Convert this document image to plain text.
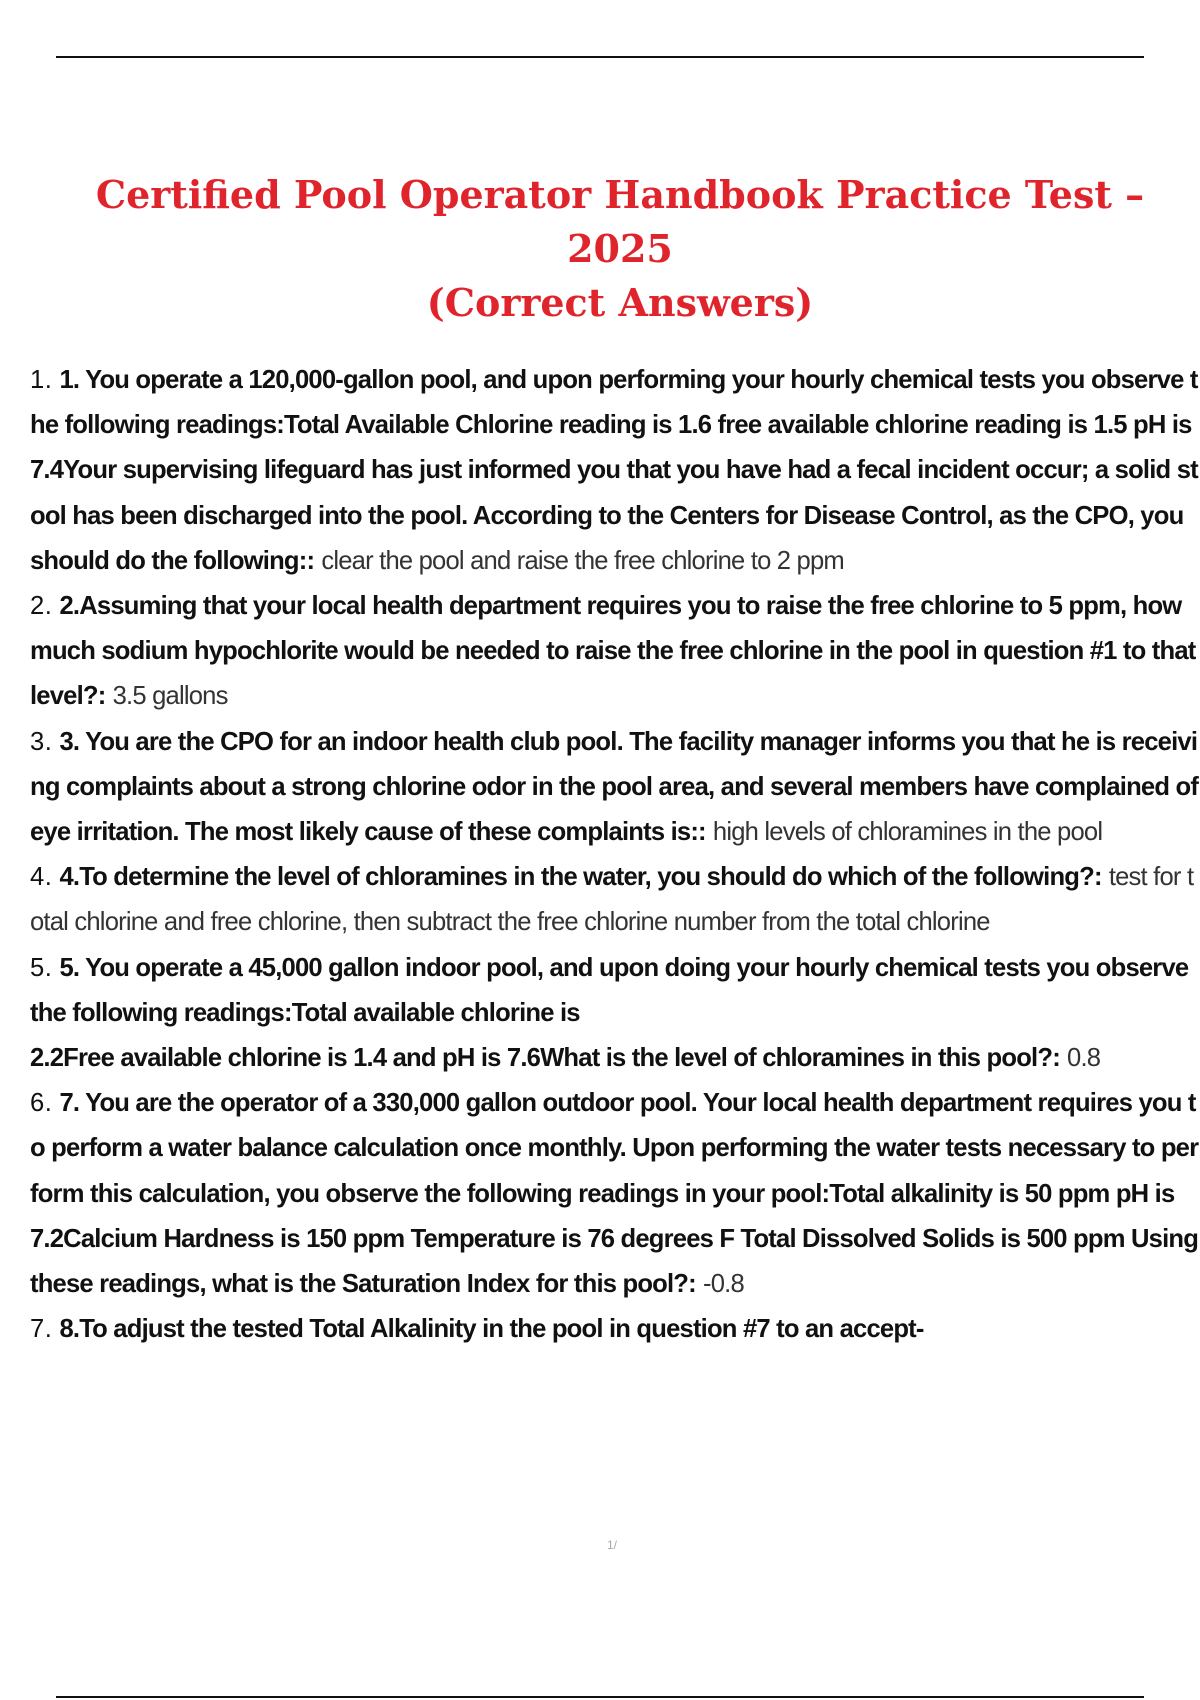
Certified Pool Operator Handbook Practice Test – 2025
(Correct Answers)

1. 1. You operate a 120,000-gallon pool, and upon performing your hourly chemical tests you observe the following readings:Total Available Chlorine reading is 1.6 free available chlorine reading is 1.5 pH is 7.4Your supervising lifeguard has just informed you that you have had a fecal incident occur; a solid stool has been discharged into the pool. According to the Centers for Disease Control, as the CPO, you should do the following:: clear the pool and raise the free chlorine to 2 ppm

2. 2.Assuming that your local health department requires you to raise the free chlorine to 5 ppm, how much sodium hypochlorite would be needed to raise the free chlorine in the pool in question #1 to that level?: 3.5 gallons

3. 3. You are the CPO for an indoor health club pool. The facility manager informs you that he is receiving complaints about a strong chlorine odor in the pool area, and several members have complained of eye irritation. The most likely cause of these complaints is:: high levels of chloramines in the pool

4. 4.To determine the level of chloramines in the water, you should do which of the following?: test for total chlorine and free chlorine, then subtract the free chlorine number from the total chlorine

5. 5. You operate a 45,000 gallon indoor pool, and upon doing your hourly chemical tests you observe the following readings:Total available chlorine is
2.2Free available chlorine is 1.4 and pH is 7.6What is the level of chloramines in this pool?: 0.8

6. 7. You are the operator of a 330,000 gallon outdoor pool. Your local health department requires you to perform a water balance calculation once monthly. Upon performing the water tests necessary to perform this calculation, you observe the following readings in your pool:Total alkalinity is 50 ppm pH is
7.2Calcium Hardness is 150 ppm Temperature is 76 degrees F Total Dissolved Solids is 500 ppm Using these readings, what is the Saturation Index for this pool?: -0.8

7. 8.To adjust the tested Total Alkalinity in the pool in question #7 to an accept-

1/
